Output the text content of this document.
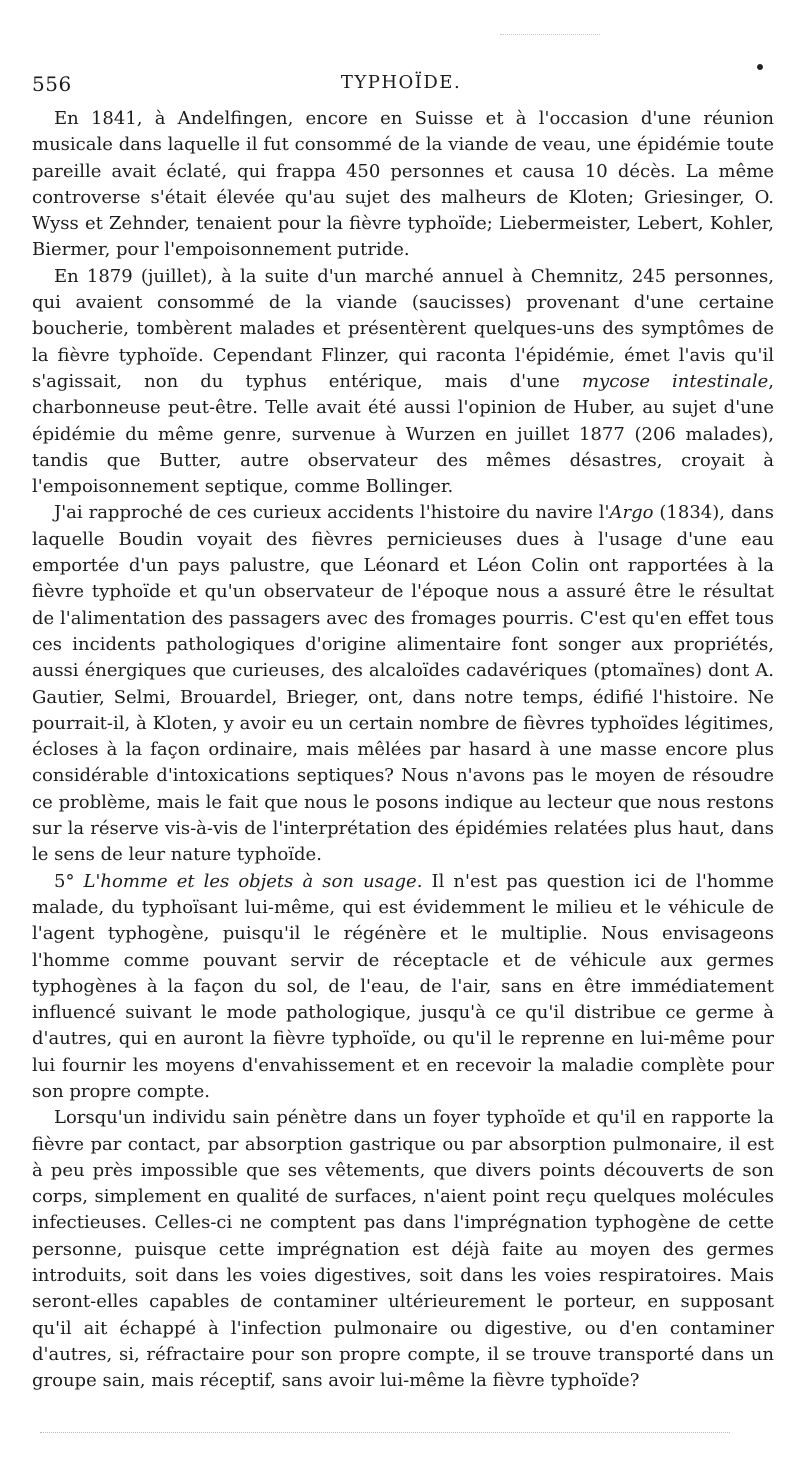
556	TYPHOÏDE.

En 1841, à Andelfingen, encore en Suisse et à l'occasion d'une réunion musicale dans laquelle il fut consommé de la viande de veau, une épidémie toute pareille avait éclaté, qui frappa 450 personnes et causa 10 décès. La même controverse s'était élevée qu'au sujet des malheurs de Kloten; Griesinger, O. Wyss et Zehnder, tenaient pour la fièvre typhoïde; Liebermeister, Lebert, Kohler, Biermer, pour l'empoisonnement putride.

En 1879 (juillet), à la suite d'un marché annuel à Chemnitz, 245 personnes, qui avaient consommé de la viande (saucisses) provenant d'une certaine boucherie, tombèrent malades et présentèrent quelques-uns des symptômes de la fièvre typhoïde. Cependant Flinzer, qui raconta l'épidémie, émet l'avis qu'il s'agissait, non du typhus entérique, mais d'une mycose intestinale, charbonneuse peut-être. Telle avait été aussi l'opinion de Huber, au sujet d'une épidémie du même genre, survenue à Wurzen en juillet 1877 (206 malades), tandis que Butter, autre observateur des mêmes désastres, croyait à l'empoisonnement septique, comme Bollinger.

J'ai rapproché de ces curieux accidents l'histoire du navire l'Argo (1834), dans laquelle Boudin voyait des fièvres pernicieuses dues à l'usage d'une eau emportée d'un pays palustre, que Léonard et Léon Colin ont rapportées à la fièvre typhoïde et qu'un observateur de l'époque nous a assuré être le résultat de l'alimentation des passagers avec des fromages pourris. C'est qu'en effet tous ces incidents pathologiques d'origine alimentaire font songer aux propriétés, aussi énergiques que curieuses, des alcaloïdes cadavériques (ptomaïnes) dont A. Gautier, Selmi, Brouardel, Brieger, ont, dans notre temps, édifié l'histoire. Ne pourrait-il, à Kloten, y avoir eu un certain nombre de fièvres typhoïdes légitimes, écloses à la façon ordinaire, mais mêlées par hasard à une masse encore plus considérable d'intoxications septiques? Nous n'avons pas le moyen de résoudre ce problème, mais le fait que nous le posons indique au lecteur que nous restons sur la réserve vis-à-vis de l'interprétation des épidémies relatées plus haut, dans le sens de leur nature typhoïde.

5° L'homme et les objets à son usage. Il n'est pas question ici de l'homme malade, du typhoïsant lui-même, qui est évidemment le milieu et le véhicule de l'agent typhogène, puisqu'il le régénère et le multiplie. Nous envisageons l'homme comme pouvant servir de réceptacle et de véhicule aux germes typhogènes à la façon du sol, de l'eau, de l'air, sans en être immédiatement influencé suivant le mode pathologique, jusqu'à ce qu'il distribue ce germe à d'autres, qui en auront la fièvre typhoïde, ou qu'il le reprenne en lui-même pour lui fournir les moyens d'envahissement et en recevoir la maladie complète pour son propre compte.

Lorsqu'un individu sain pénètre dans un foyer typhoïde et qu'il en rapporte la fièvre par contact, par absorption gastrique ou par absorption pulmonaire, il est à peu près impossible que ses vêtements, que divers points découverts de son corps, simplement en qualité de surfaces, n'aient point reçu quelques molécules infectieuses. Celles-ci ne comptent pas dans l'imprégnation typhogène de cette personne, puisque cette imprégnation est déjà faite au moyen des germes introduits, soit dans les voies digestives, soit dans les voies respiratoires. Mais seront-elles capables de contaminer ultérieurement le porteur, en supposant qu'il ait échappé à l'infection pulmonaire ou digestive, ou d'en contaminer d'autres, si, réfractaire pour son propre compte, il se trouve transporté dans un groupe sain, mais réceptif, sans avoir lui-même la fièvre typhoïde?
